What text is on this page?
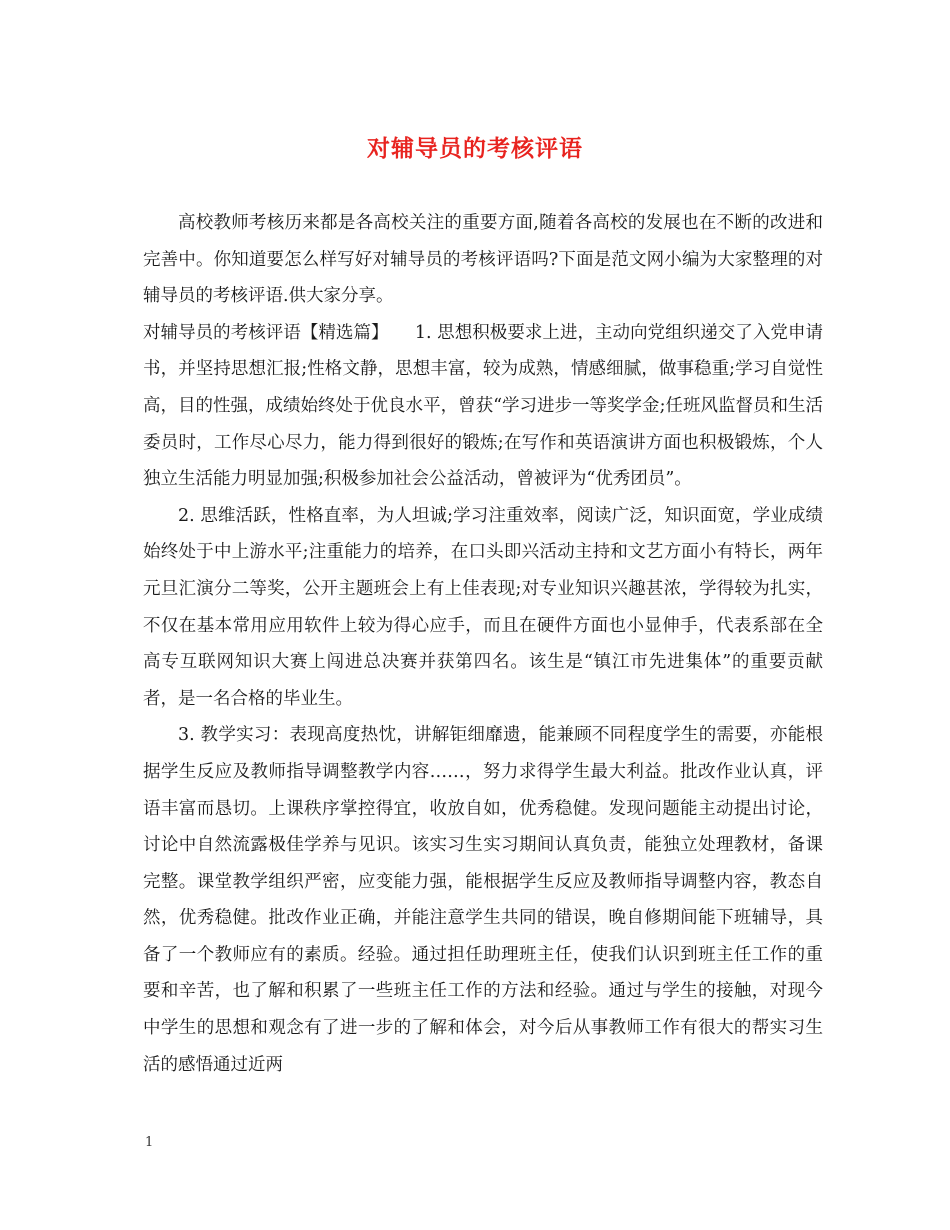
对辅导员的考核评语

高校教师考核历来都是各高校关注的重要方面,随着各高校的发展也在不断的改进和完善中。你知道要怎么样写好对辅导员的考核评语吗?下面是范文网小编为大家整理的对辅导员的考核评语.供大家分享。

对辅导员的考核评语【精选篇】　　1. 思想积极要求上进，主动向党组织递交了入党申请书，并坚持思想汇报;性格文静，思想丰富，较为成熟，情感细腻，做事稳重;学习自觉性高，目的性强，成绩始终处于优良水平，曾获“学习进步一等奖学金;任班风监督员和生活委员时，工作尽心尽力，能力得到很好的锻炼;在写作和英语演讲方面也积极锻炼，个人独立生活能力明显加强;积极参加社会公益活动，曾被评为“优秀团员”。

2. 思维活跃，性格直率，为人坦诚;学习注重效率，阅读广泛，知识面宽，学业成绩始终处于中上游水平;注重能力的培养，在口头即兴活动主持和文艺方面小有特长，两年元旦汇演分二等奖，公开主题班会上有上佳表现;对专业知识兴趣甚浓，学得较为扎实，不仅在基本常用应用软件上较为得心应手，而且在硬件方面也小显伸手，代表系部在全高专互联网知识大赛上闯进总决赛并获第四名。该生是“镇江市先进集体”的重要贡献者，是一名合格的毕业生。

3. 教学实习：表现高度热忱，讲解钜细靡遗，能兼顾不同程度学生的需要，亦能根据学生反应及教师指导调整教学内容……，努力求得学生最大利益。批改作业认真，评语丰富而恳切。上课秩序掌控得宜，收放自如，优秀稳健。发现问题能主动提出讨论，讨论中自然流露极佳学养与见识。该实习生实习期间认真负责，能独立处理教材，备课完整。课堂教学组织严密，应变能力强，能根据学生反应及教师指导调整内容，教态自然，优秀稳健。批改作业正确，并能注意学生共同的错误，晚自修期间能下班辅导，具备了一个教师应有的素质。经验。通过担任助理班主任，使我们认识到班主任工作的重要和辛苦，也了解和积累了一些班主任工作的方法和经验。通过与学生的接触，对现今中学生的思想和观念有了进一步的了解和体会，对今后从事教师工作有很大的帮实习生活的感悟通过近两

1
